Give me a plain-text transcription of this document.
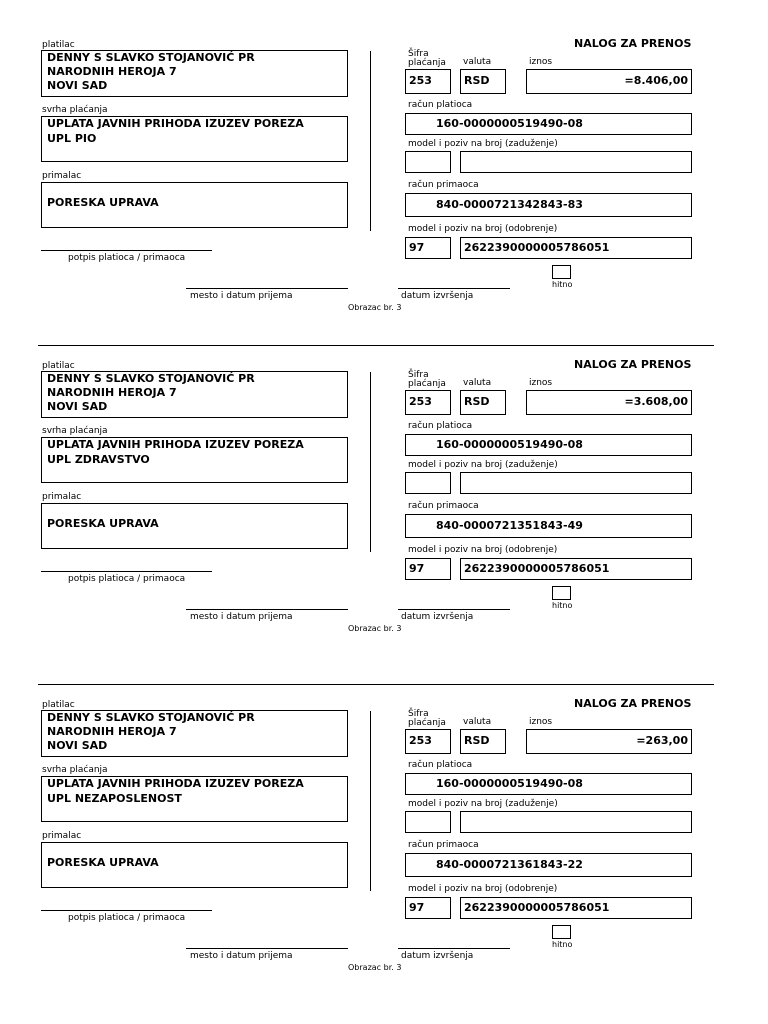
platilac
DENNY S SLAVKO STOJANOVIĆ PR
NARODNIH HEROJA 7
NOVI SAD
svrha plaćanja
UPLATA JAVNIH PRIHODA IZUZEV POREZA
UPL PIO
primalac
PORESKA UPRAVA
potpis platioca / primaoca
NALOG ZA PRENOS
Šifra
plaćanja valuta	iznos
253	RSD	=8.406,00
račun platioca
160-0000000519490-08
model i poziv na broj (zaduženje)
račun primaoca
840-0000721342843-83
model i poziv na broj (odobrenje)
97	2622390000005786051
hitno
mesto i datum prijema	datum izvršenja
Obrazac br. 3
platilac
DENNY S SLAVKO STOJANOVIĆ PR
NARODNIH HEROJA 7
NOVI SAD
svrha plaćanja
UPLATA JAVNIH PRIHODA IZUZEV POREZA
UPL ZDRAVSTVO
primalac
PORESKA UPRAVA
potpis platioca / primaoca
NALOG ZA PRENOS
Šifra
plaćanja valuta	iznos
253	RSD	=3.608,00
račun platioca
160-0000000519490-08
model i poziv na broj (zaduženje)
račun primaoca
840-0000721351843-49
model i poziv na broj (odobrenje)
97	2622390000005786051
hitno
mesto i datum prijema	datum izvršenja
Obrazac br. 3
platilac
DENNY S SLAVKO STOJANOVIĆ PR
NARODNIH HEROJA 7
NOVI SAD
svrha plaćanja
UPLATA JAVNIH PRIHODA IZUZEV POREZA
UPL NEZAPOSLENOST
primalac
PORESKA UPRAVA
potpis platioca / primaoca
NALOG ZA PRENOS
Šifra
plaćanja valuta	iznos
253	RSD	=263,00
račun platioca
160-0000000519490-08
model i poziv na broj (zaduženje)
račun primaoca
840-0000721361843-22
model i poziv na broj (odobrenje)
97	2622390000005786051
hitno
mesto i datum prijema	datum izvršenja
Obrazac br. 3
